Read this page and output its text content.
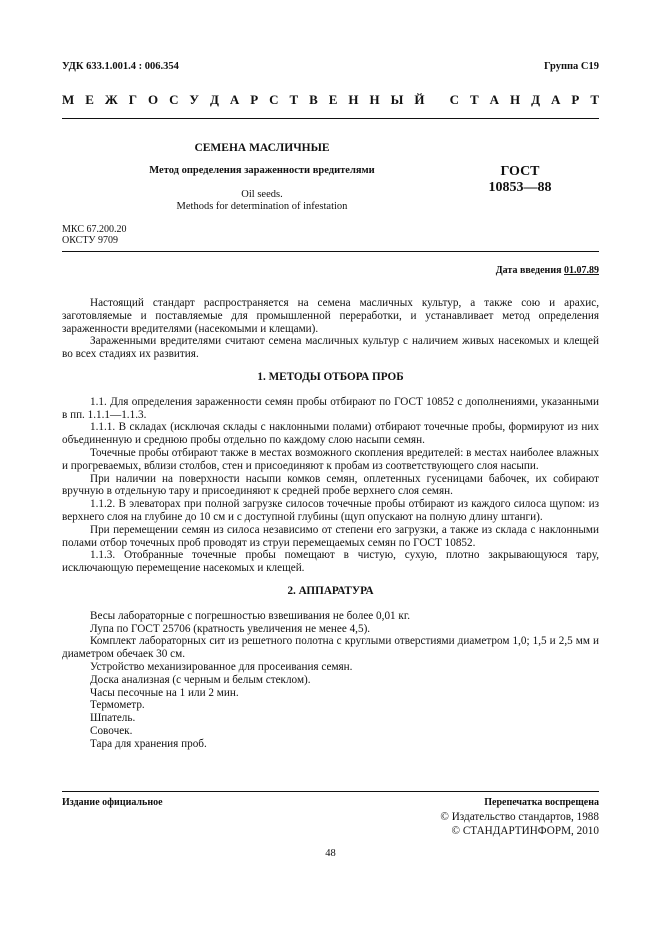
УДК 633.1.001.4 : 006.354	Группа С19
М Е Ж Г О С У Д А Р С Т В Е Н Н Ы Й
С Т А Н Д А Р Т
СЕМЕНА МАСЛИЧНЫЕ
Метод определения зараженности вредителями
Oil seeds.
Methods for determination of infestation
ГОСТ
10853—88
МКС 67.200.20
ОКСТУ 9709
Дата введения 01.07.89

Настоящий стандарт распространяется на семена масличных культур, а также сою и арахис, заготовляемые и поставляемые для промышленной переработки, и устанавливает метод определения зараженности вредителями (насекомыми и клещами).

Зараженными вредителями считают семена масличных культур с наличием живых насекомых и клещей во всех стадиях их развития.

1. МЕТОДЫ ОТБОРА ПРОБ

1.1. Для определения зараженности семян пробы отбирают по ГОСТ 10852 с дополнениями, указанными в пп. 1.1.1—1.1.3.

1.1.1. В складах (исключая склады с наклонными полами) отбирают точечные пробы, формируют из них объединенную и среднюю пробы отдельно по каждому слою насыпи семян.

Точечные пробы отбирают также в местах возможного скопления вредителей: в местах наиболее влажных и прогреваемых, вблизи столбов, стен и присоединяют к пробам из соответствующего слоя насыпи.

При наличии на поверхности насыпи комков семян, оплетенных гусеницами бабочек, их собирают вручную в отдельную тару и присоединяют к средней пробе верхнего слоя семян.

1.1.2. В элеваторах при полной загрузке силосов точечные пробы отбирают из каждого силоса щупом: из верхнего слоя на глубине до 10 см и с доступной глубины (щуп опускают на полную длину штанги).

При перемещении семян из силоса независимо от степени его загрузки, а также из склада с наклонными полами отбор точечных проб проводят из струи перемещаемых семян по ГОСТ 10852.

1.1.3. Отобранные точечные пробы помещают в чистую, сухую, плотно закрывающуюся тару, исключающую перемещение насекомых и клещей.

2. АППАРАТУРА

Весы лабораторные с погрешностью взвешивания не более 0,01 кг.

Лупа по ГОСТ 25706 (кратность увеличения не менее 4,5).

Комплект лабораторных сит из решетного полотна с круглыми отверстиями диаметром 1,0; 1,5 и 2,5 мм и диаметром обечаек 30 см.

Устройство механизированное для просеивания семян.

Доска анализная (с черным и белым стеклом).

Часы песочные на 1 или 2 мин.

Термометр.

Шпатель.

Совочек.

Тара для хранения проб.

Издание официальное	Перепечатка воспрещена
© Издательство стандартов, 1988
© СТАНДАРТИНФОРМ, 2010
48
